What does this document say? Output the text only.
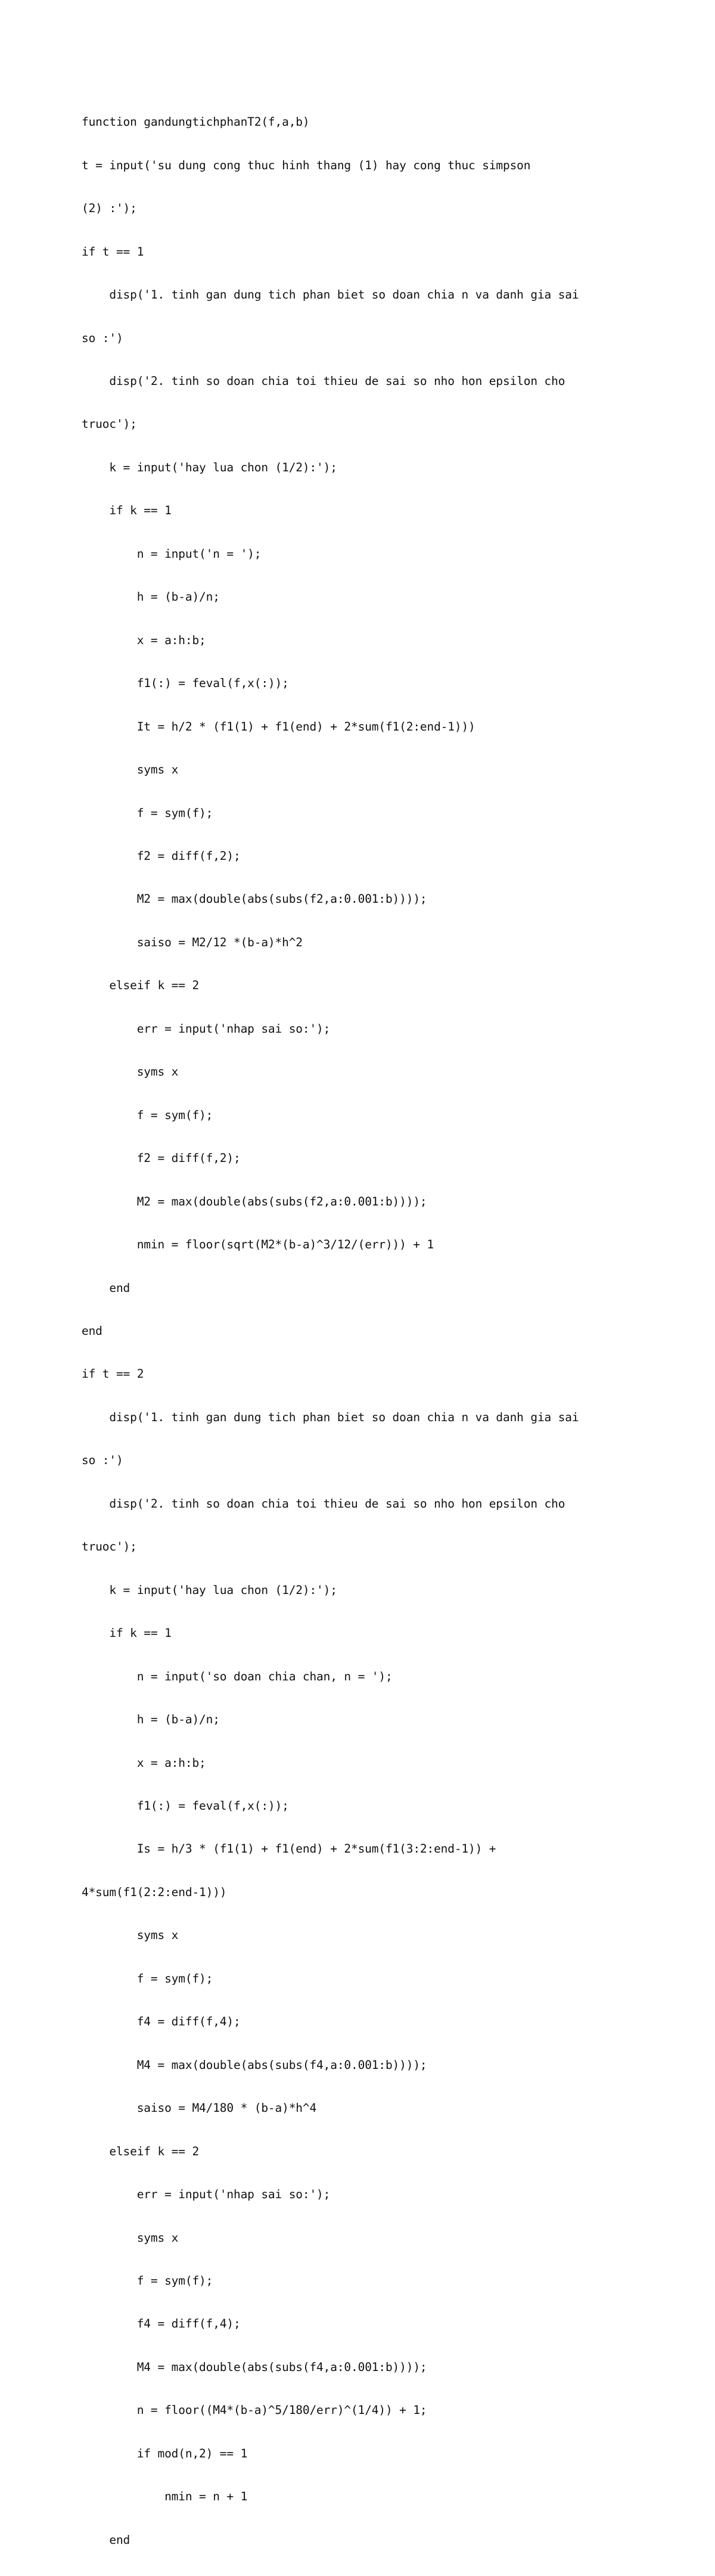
function gandungtichphanT2(f,a,b)

t = input('su dung cong thuc hinh thang (1) hay cong thuc simpson

(2) :');

if t == 1

disp('1. tinh gan dung tich phan biet so doan chia n va danh gia sai

so :')

disp('2. tinh so doan chia toi thieu de sai so nho hon epsilon cho

truoc');

k = input('hay lua chon (1/2):');

if k == 1

n = input('n = ');

h = (b-a)/n;

x = a:h:b;

f1(:) = feval(f,x(:));

It = h/2 * (f1(1) + f1(end) + 2*sum(f1(2:end-1)))

syms x

f = sym(f);

f2 = diff(f,2);

M2 = max(double(abs(subs(f2,a:0.001:b))));

saiso = M2/12 *(b-a)*h^2

elseif k == 2

err = input('nhap sai so:');

syms x

f = sym(f);

f2 = diff(f,2);

M2 = max(double(abs(subs(f2,a:0.001:b))));

nmin = floor(sqrt(M2*(b-a)^3/12/(err))) + 1

end

end

if t == 2

disp('1. tinh gan dung tich phan biet so doan chia n va danh gia sai

so :')

disp('2. tinh so doan chia toi thieu de sai so nho hon epsilon cho

truoc');

k = input('hay lua chon (1/2):');

if k == 1

n = input('so doan chia chan, n = ');

h = (b-a)/n;

x = a:h:b;

f1(:) = feval(f,x(:));

Is = h/3 * (f1(1) + f1(end) + 2*sum(f1(3:2:end-1)) +

4*sum(f1(2:2:end-1)))

syms x

f = sym(f);

f4 = diff(f,4);

M4 = max(double(abs(subs(f4,a:0.001:b))));

saiso = M4/180 * (b-a)*h^4

elseif k == 2

err = input('nhap sai so:');

syms x

f = sym(f);

f4 = diff(f,4);

M4 = max(double(abs(subs(f4,a:0.001:b))));

n = floor((M4*(b-a)^5/180/err)^(1/4)) + 1;

if mod(n,2) == 1

nmin = n + 1

end
